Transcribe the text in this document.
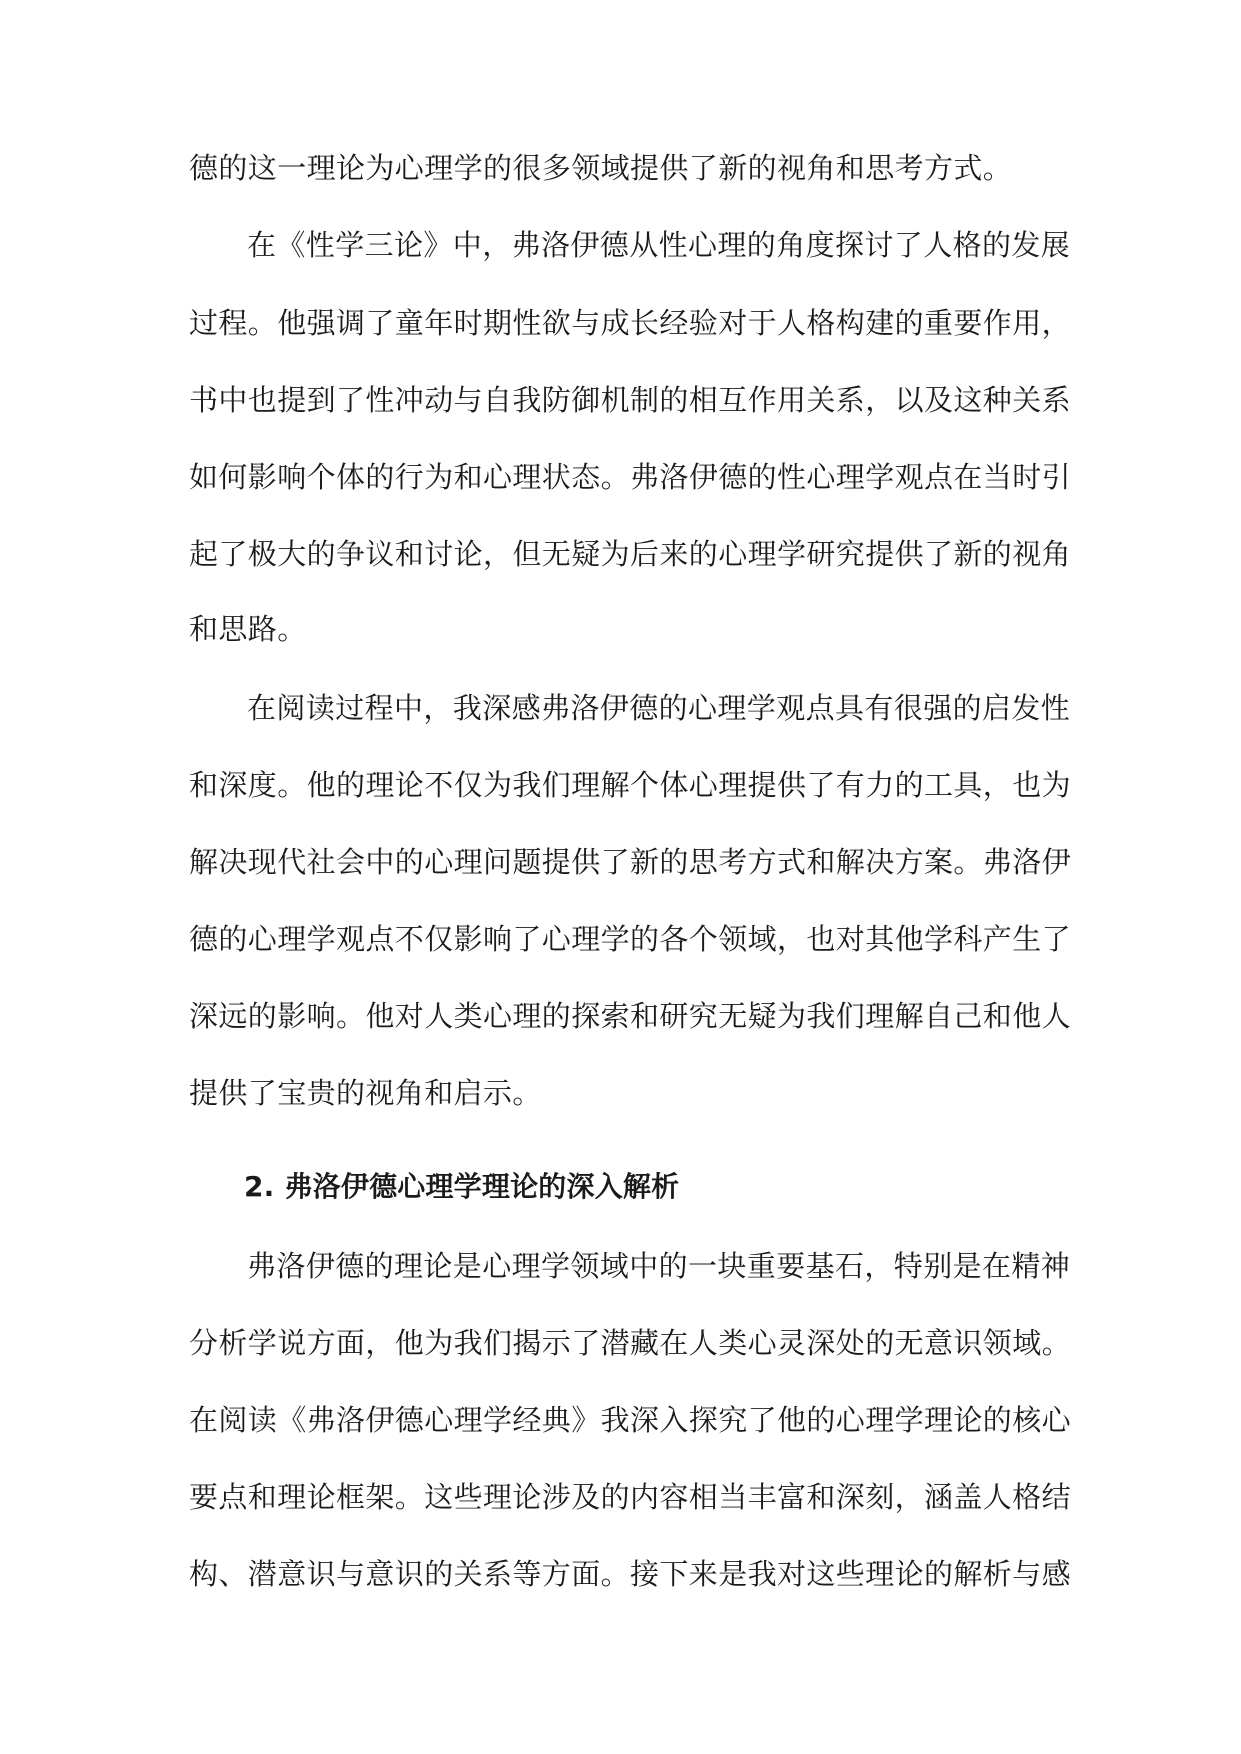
德的这一理论为心理学的很多领域提供了新的视角和思考方式。
在《性学三论》中，弗洛伊德从性心理的角度探讨了人格的发展
过程。他强调了童年时期性欲与成长经验对于人格构建的重要作用，
书中也提到了性冲动与自我防御机制的相互作用关系，以及这种关系
如何影响个体的行为和心理状态。弗洛伊德的性心理学观点在当时引
起了极大的争议和讨论，但无疑为后来的心理学研究提供了新的视角
和思路。
在阅读过程中，我深感弗洛伊德的心理学观点具有很强的启发性
和深度。他的理论不仅为我们理解个体心理提供了有力的工具，也为
解决现代社会中的心理问题提供了新的思考方式和解决方案。弗洛伊
德的心理学观点不仅影响了心理学的各个领域，也对其他学科产生了
深远的影响。他对人类心理的探索和研究无疑为我们理解自己和他人
提供了宝贵的视角和启示。
2. 弗洛伊德心理学理论的深入解析
弗洛伊德的理论是心理学领域中的一块重要基石，特别是在精神
分析学说方面，他为我们揭示了潜藏在人类心灵深处的无意识领域。
在阅读《弗洛伊德心理学经典》我深入探究了他的心理学理论的核心
要点和理论框架。这些理论涉及的内容相当丰富和深刻，涵盖人格结
构、潜意识与意识的关系等方面。接下来是我对这些理论的解析与感
